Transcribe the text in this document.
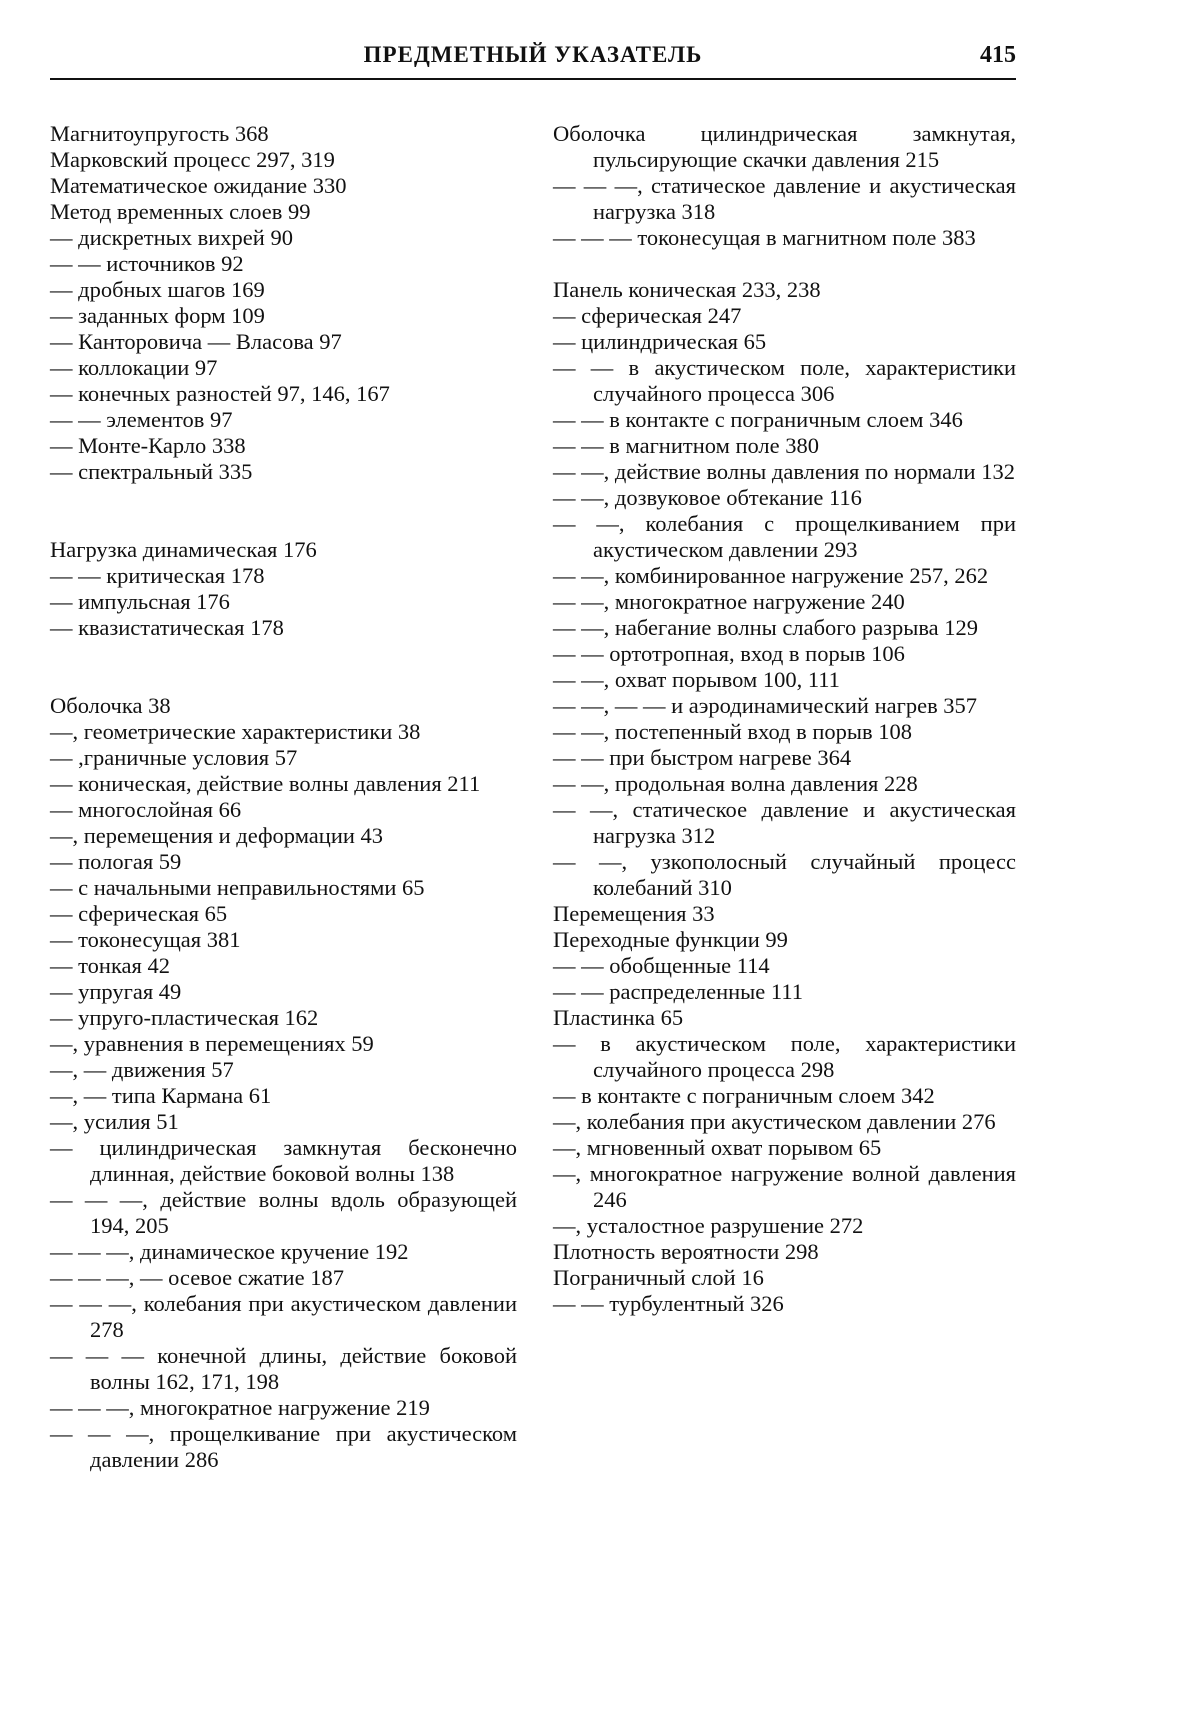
ПРЕДМЕТНЫЙ УКАЗАТЕЛЬ	415
Магнитоупругость 368
Марковский процесс 297, 319
Математическое ожидание 330
Метод временных слоев 99
— дискретных вихрей 90
— — источников 92
— дробных шагов 169
— заданных форм 109
— Канторовича — Власова 97
— коллокации 97
— конечных разностей 97, 146, 167
— — элементов 97
— Монте-Карло 338
— спектральный 335
Нагрузка динамическая 176
— — критическая 178
— импульсная 176
— квазистатическая 178
Оболочка 38
—, геометрические характеристики 38
— ,граничные условия 57
— коническая, действие волны давления 211
— многослойная 66
—, перемещения и деформации 43
— пологая 59
— с начальными неправильностями 65
— сферическая 65
— токонесущая 381
— тонкая 42
— упругая 49
— упруго-пластическая 162
—, уравнения в перемещениях 59
—, — движения 57
—, — типа Кармана 61
—, усилия 51
— цилиндрическая замкнутая бесконечно длинная, действие боковой волны 138
— — —, действие волны вдоль образующей 194, 205
— — —, динамическое кручение 192
— — —, — осевое сжатие 187
— — —, колебания при акустическом давлении 278
— — — конечной длины, действие боковой волны 162, 171, 198
— — —, многократное нагружение 219
— — —, прощелкивание при акустическом давлении 286
Оболочка цилиндрическая замкнутая, пульсирующие скачки давления 215
— — —, статическое давление и акустическая нагрузка 318
— — — токонесущая в магнитном поле 383
Панель коническая 233, 238
— сферическая 247
— цилиндрическая 65
— — в акустическом поле, характеристики случайного процесса 306
— — в контакте с пограничным слоем 346
— — в магнитном поле 380
— —, действие волны давления по нормали 132
— —, дозвуковое обтекание 116
— —, колебания с прощелкиванием при акустическом давлении 293
— —, комбинированное нагружение 257, 262
— —, многократное нагружение 240
— —, набегание волны слабого разрыва 129
— — ортотропная, вход в порыв 106
— —, охват порывом 100, 111
— —, — — и аэродинамический нагрев 357
— —, постепенный вход в порыв 108
— — при быстром нагреве 364
— —, продольная волна давления 228
— —, статическое давление и акустическая нагрузка 312
— —, узкополосный случайный процесс колебаний 310
Перемещения 33
Переходные функции 99
— — обобщенные 114
— — распределенные 111
Пластинка 65
— в акустическом поле, характеристики случайного процесса 298
— в контакте с пограничным слоем 342
—, колебания при акустическом давлении 276
—, мгновенный охват порывом 65
—, многократное нагружение волной давления 246
—, усталостное разрушение 272
Плотность вероятности 298
Пограничный слой 16
— — турбулентный 326
